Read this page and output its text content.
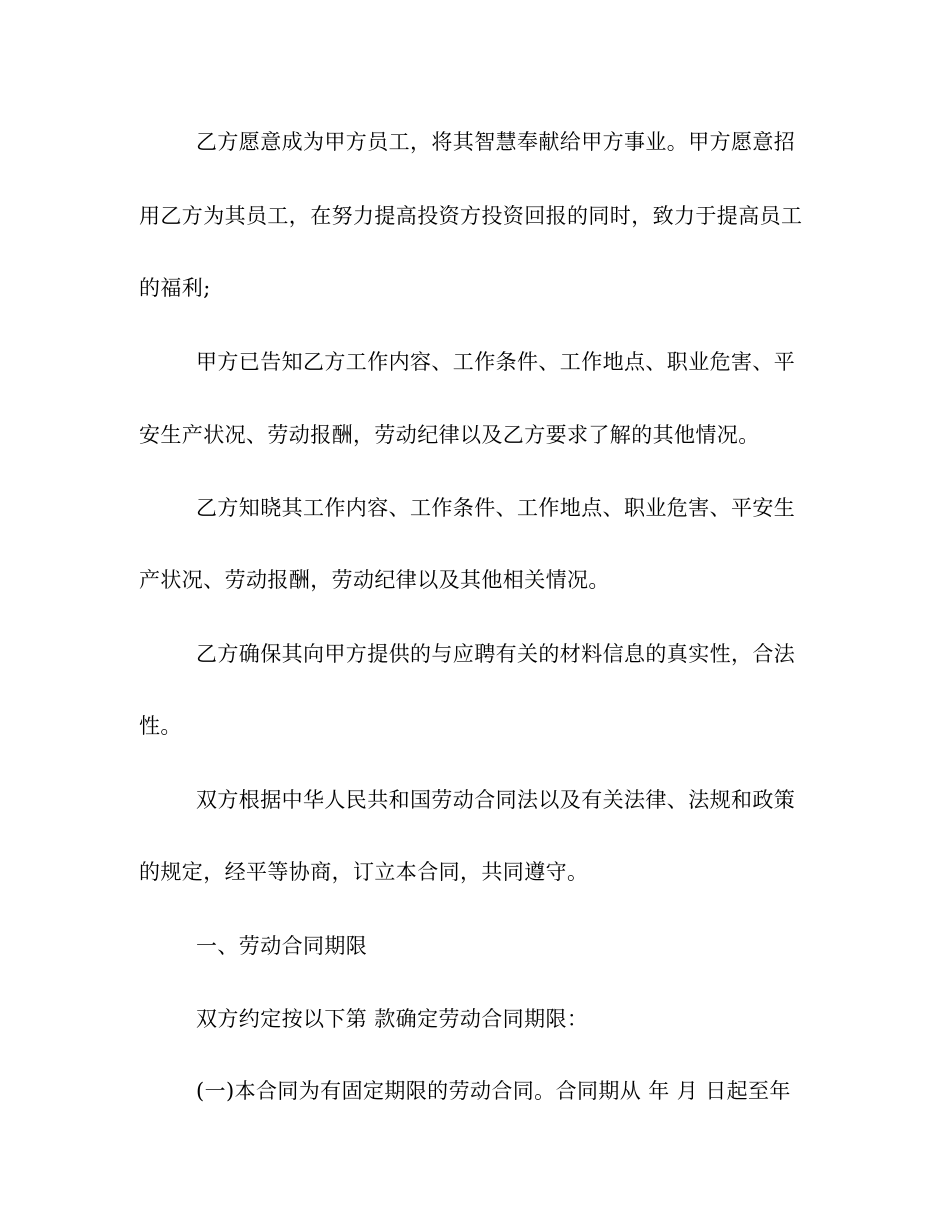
乙方愿意成为甲方员工，将其智慧奉献给甲方事业。甲方愿意招
用乙方为其员工，在努力提高投资方投资回报的同时，致力于提高员工
的福利;
甲方已告知乙方工作内容、工作条件、工作地点、职业危害、平
安生产状况、劳动报酬，劳动纪律以及乙方要求了解的其他情况。
乙方知晓其工作内容、工作条件、工作地点、职业危害、平安生
产状况、劳动报酬，劳动纪律以及其他相关情况。
乙方确保其向甲方提供的与应聘有关的材料信息的真实性，合法
性。
双方根据中华人民共和国劳动合同法以及有关法律、法规和政策
的规定，经平等协商，订立本合同，共同遵守。
一、劳动合同期限
双方约定按以下第 款确定劳动合同期限：
(一)本合同为有固定期限的劳动合同。合同期从 年 月 日起至年
